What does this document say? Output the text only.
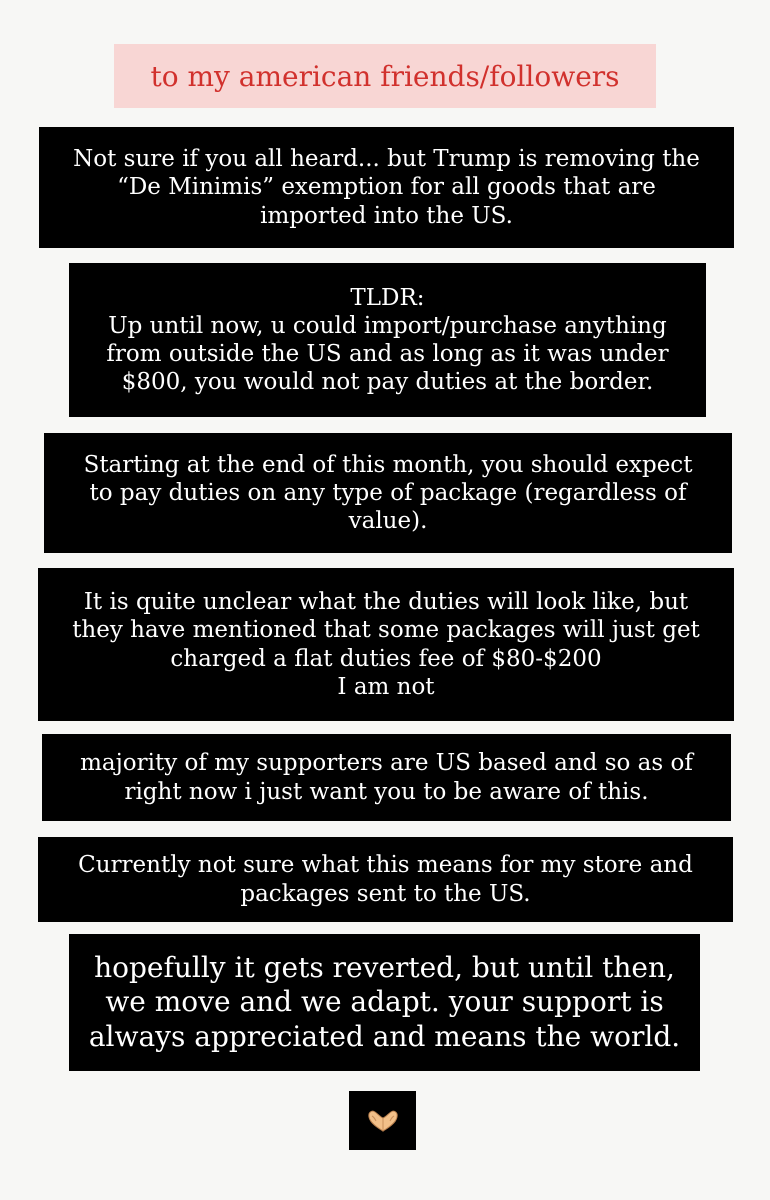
to my american friends/followers
Not sure if you all heard... but Trump is removing the
“De Minimis” exemption for all goods that are
imported into the US.
TLDR:
Up until now, u could import/purchase anything
from outside the US and as long as it was under
$800, you would not pay duties at the border.
Starting at the end of this month, you should expect
to pay duties on any type of package (regardless of
value).
It is quite unclear what the duties will look like, but
they have mentioned that some packages will just get
charged a flat duties fee of $80-$200
I am not
majority of my supporters are US based and so as of
right now i just want you to be aware of this.
Currently not sure what this means for my store and
packages sent to the US.
hopefully it gets reverted, but until then,
we move and we adapt. your support is
always appreciated and means the world.
